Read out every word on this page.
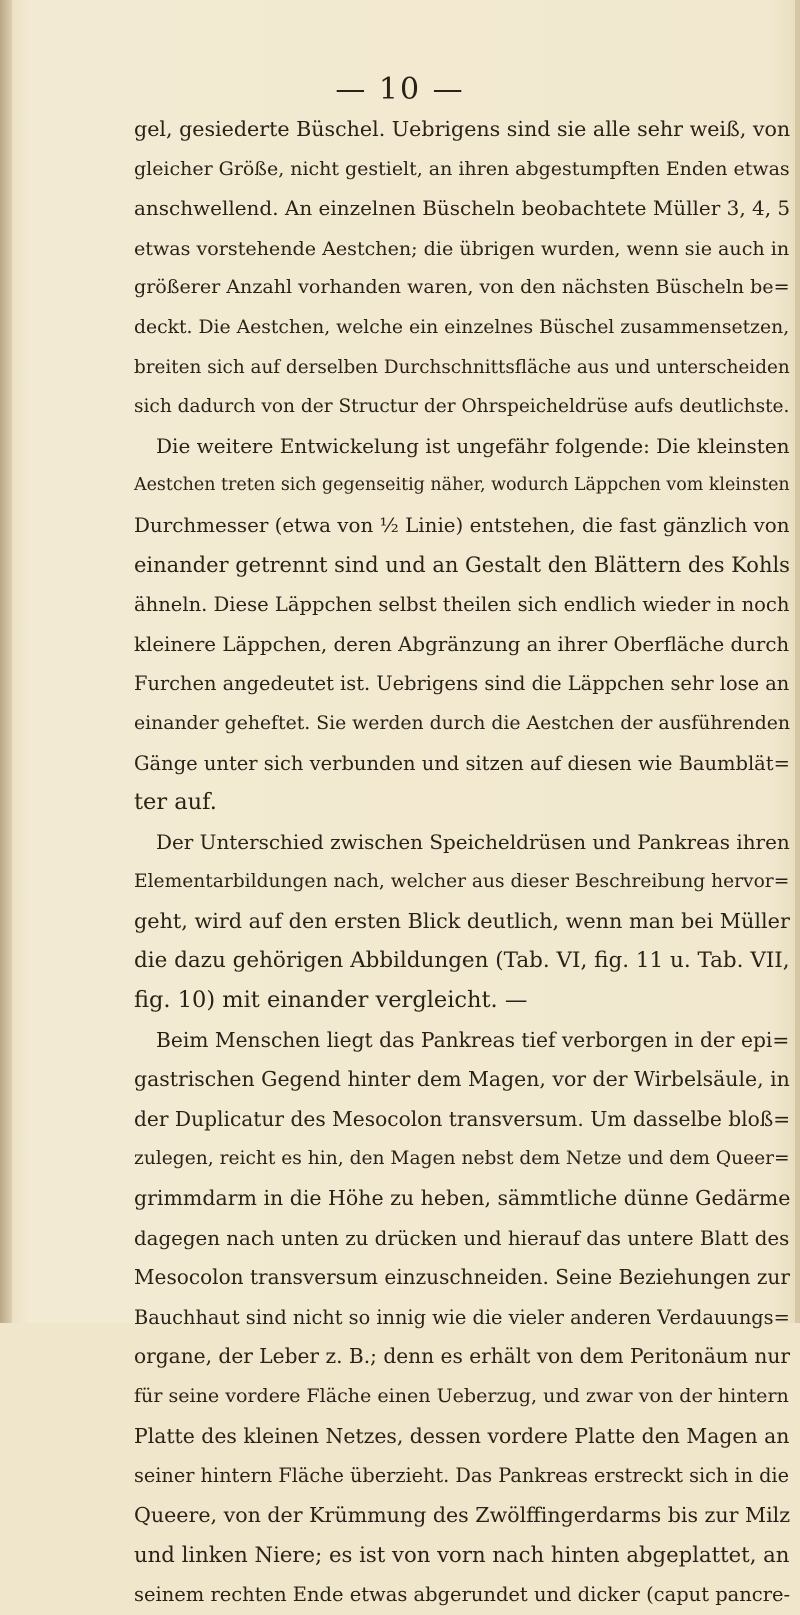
— 10 —
gel, gesiederte Büschel. Uebrigens sind sie alle sehr weiß, von
gleicher Größe, nicht gestielt, an ihren abgestumpften Enden etwas
anschwellend. An einzelnen Büscheln beobachtete Müller 3, 4, 5
etwas vorstehende Aestchen; die übrigen wurden, wenn sie auch in
größerer Anzahl vorhanden waren, von den nächsten Büscheln be=
deckt. Die Aestchen, welche ein einzelnes Büschel zusammensetzen,
breiten sich auf derselben Durchschnittsfläche aus und unterscheiden
sich dadurch von der Structur der Ohrspeicheldrüse aufs deutlichste.
Die weitere Entwickelung ist ungefähr folgende: Die kleinsten
Aestchen treten sich gegenseitig näher, wodurch Läppchen vom kleinsten
Durchmesser (etwa von ½ Linie) entstehen, die fast gänzlich von
einander getrennt sind und an Gestalt den Blättern des Kohls
ähneln. Diese Läppchen selbst theilen sich endlich wieder in noch
kleinere Läppchen, deren Abgränzung an ihrer Oberfläche durch
Furchen angedeutet ist. Uebrigens sind die Läppchen sehr lose an
einander geheftet. Sie werden durch die Aestchen der ausführenden
Gänge unter sich verbunden und sitzen auf diesen wie Baumblät=
ter auf.
Der Unterschied zwischen Speicheldrüsen und Pankreas ihren
Elementarbildungen nach, welcher aus dieser Beschreibung hervor=
geht, wird auf den ersten Blick deutlich, wenn man bei Müller
die dazu gehörigen Abbildungen (Tab. VI, fig. 11 u. Tab. VII,
fig. 10) mit einander vergleicht. —
Beim Menschen liegt das Pankreas tief verborgen in der epi=
gastrischen Gegend hinter dem Magen, vor der Wirbelsäule, in
der Duplicatur des Mesocolon transversum. Um dasselbe bloß=
zulegen, reicht es hin, den Magen nebst dem Netze und dem Queer=
grimmdarm in die Höhe zu heben, sämmtliche dünne Gedärme
dagegen nach unten zu drücken und hierauf das untere Blatt des
Mesocolon transversum einzuschneiden. Seine Beziehungen zur
Bauchhaut sind nicht so innig wie die vieler anderen Verdauungs=
organe, der Leber z. B.; denn es erhält von dem Peritonäum nur
für seine vordere Fläche einen Ueberzug, und zwar von der hintern
Platte des kleinen Netzes, dessen vordere Platte den Magen an
seiner hintern Fläche überzieht. Das Pankreas erstreckt sich in die
Queere, von der Krümmung des Zwölffingerdarms bis zur Milz
und linken Niere; es ist von vorn nach hinten abgeplattet, an
seinem rechten Ende etwas abgerundet und dicker (caput pancre-
